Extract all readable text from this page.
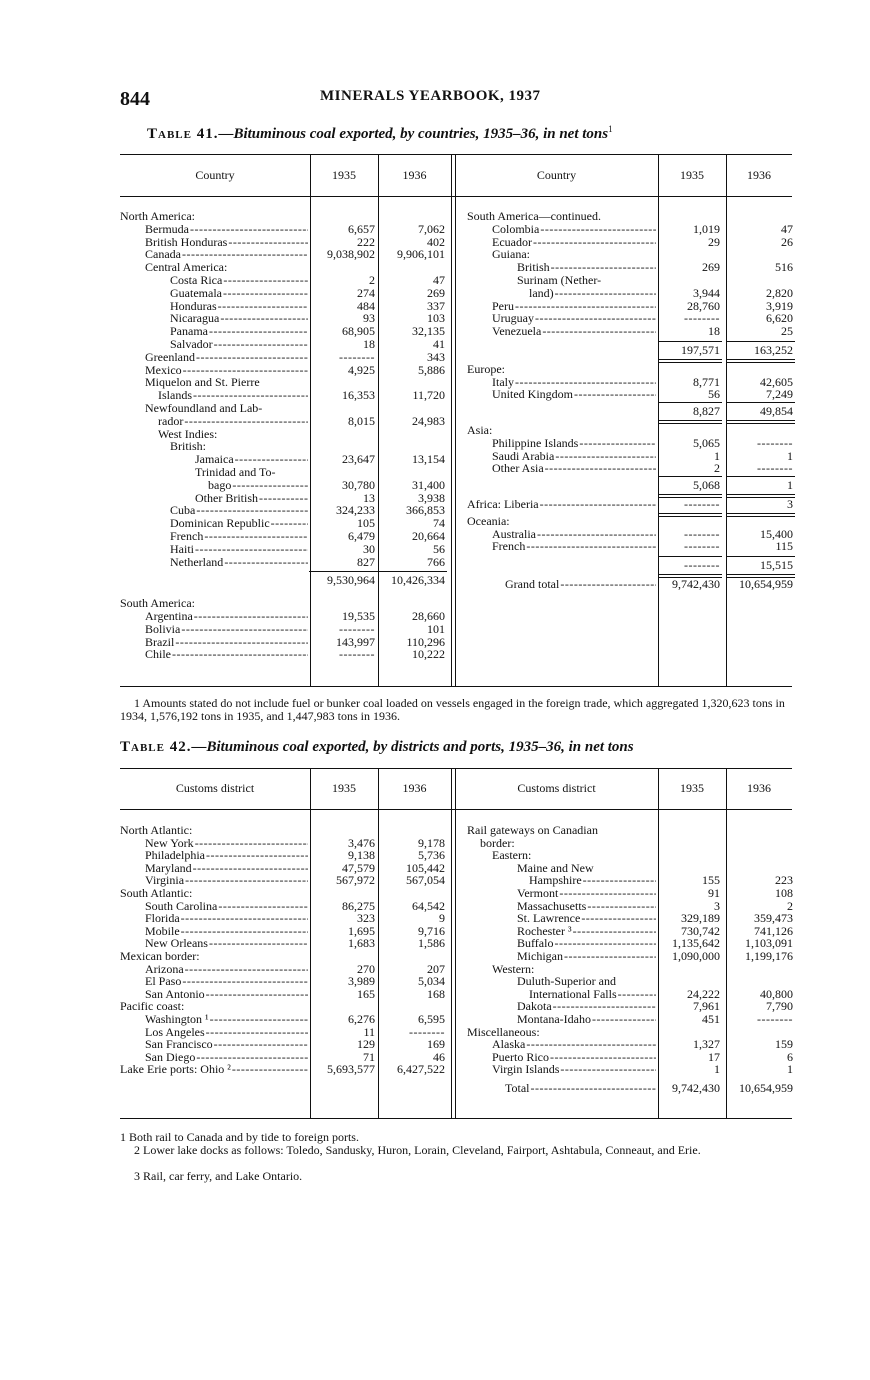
844	MINERALS YEARBOOK, 1937
Table 41.—Bituminous coal exported, by countries, 1935–36, in net tons$^1$
Country	1935	1936	Country	1935	1936
North America:
Bermuda -----	6,657	7,062
British Honduras -----	222	402
Canada -----	9,038,902	9,906,101
Central America:
Costa Rica -----	2	47
Guatemala -----	274	269
Honduras -----	484	337
Nicaragua -----	93	103
Panama -----	68,905	32,135
Salvador -----	18	41
Greenland -----	--------	343
Mexico -----	4,925	5,886
Miquelon and St. Pierre
Islands -----	16,353	11,720
Newfoundland and Lab-
rador -----	8,015	24,983
West Indies:
British:
Jamaica -----	23,647	13,154
Trinidad and To-
bago -----	30,780	31,400
Other British -----	13	3,938
Cuba -----	324,233	366,853
Dominican Republic -----	105	74
French -----	6,479	20,664
Haiti -----	30	56
Netherland -----	827	766
9,530,964	10,426,334
South America:
Argentina -----	19,535	28,660
Bolivia -----	--------	101
Brazil -----	143,997	110,296
Chile -----	--------	10,222
South America—continued.
Colombia -----	1,019	47
Ecuador -----	29	26
Guiana:
British -----	269	516
Surinam (Nether-
land) -----	3,944	2,820
Peru -----	28,760	3,919
Uruguay -----	--------	6,620
Venezuela -----	18	25
197,571	163,252
Europe:
Italy -----	8,771	42,605
United Kingdom -----	56	7,249
8,827	49,854
Asia:
Philippine Islands -----	5,065	--------
Saudi Arabia -----	1	1
Other Asia -----	2	--------
5,068	1
Africa: Liberia -----	--------	3
Oceania:
Australia -----	--------	15,400
French -----	--------	115
--------	15,515
Grand total -----	9,742,430	10,654,959
1 Amounts stated do not include fuel or bunker coal loaded on vessels engaged in the foreign trade, which aggregated 1,320,623 tons in 1934, 1,576,192 tons in 1935, and 1,447,983 tons in 1936.
Table 42.—Bituminous coal exported, by districts and ports, 1935–36, in net tons
Customs district	1935	1936	Customs district	1935	1936
North Atlantic:
New York -----	3,476	9,178
Philadelphia -----	9,138	5,736
Maryland -----	47,579	105,442
Virginia -----	567,972	567,054
South Atlantic:
South Carolina -----	86,275	64,542
Florida -----	323	9
Mobile -----	1,695	9,716
New Orleans -----	1,683	1,586
Mexican border:
Arizona -----	270	207
El Paso -----	3,989	5,034
San Antonio -----	165	168
Pacific coast:
Washington ¹ -----	6,276	6,595
Los Angeles -----	11	--------
San Francisco -----	129	169
San Diego -----	71	46
Lake Erie ports: Ohio ² -----	5,693,577	6,427,522
Rail gateways on Canadian
border:
Eastern:
Maine and New
Hampshire -----	155	223
Vermont -----	91	108
Massachusetts -----	3	2
St. Lawrence -----	329,189	359,473
Rochester ³ -----	730,742	741,126
Buffalo -----	1,135,642	1,103,091
Michigan -----	1,090,000	1,199,176
Western:
Duluth-Superior and
International Falls -----	24,222	40,800
Dakota -----	7,961	7,790
Montana-Idaho -----	451	--------
Miscellaneous:
Alaska -----	1,327	159
Puerto Rico -----	17	6
Virgin Islands -----	1	1
Total -----	9,742,430	10,654,959
1 Both rail to Canada and by tide to foreign ports.
2 Lower lake docks as follows: Toledo, Sandusky, Huron, Lorain, Cleveland, Fairport, Ashtabula, Conneaut, and Erie.
3 Rail, car ferry, and Lake Ontario.
